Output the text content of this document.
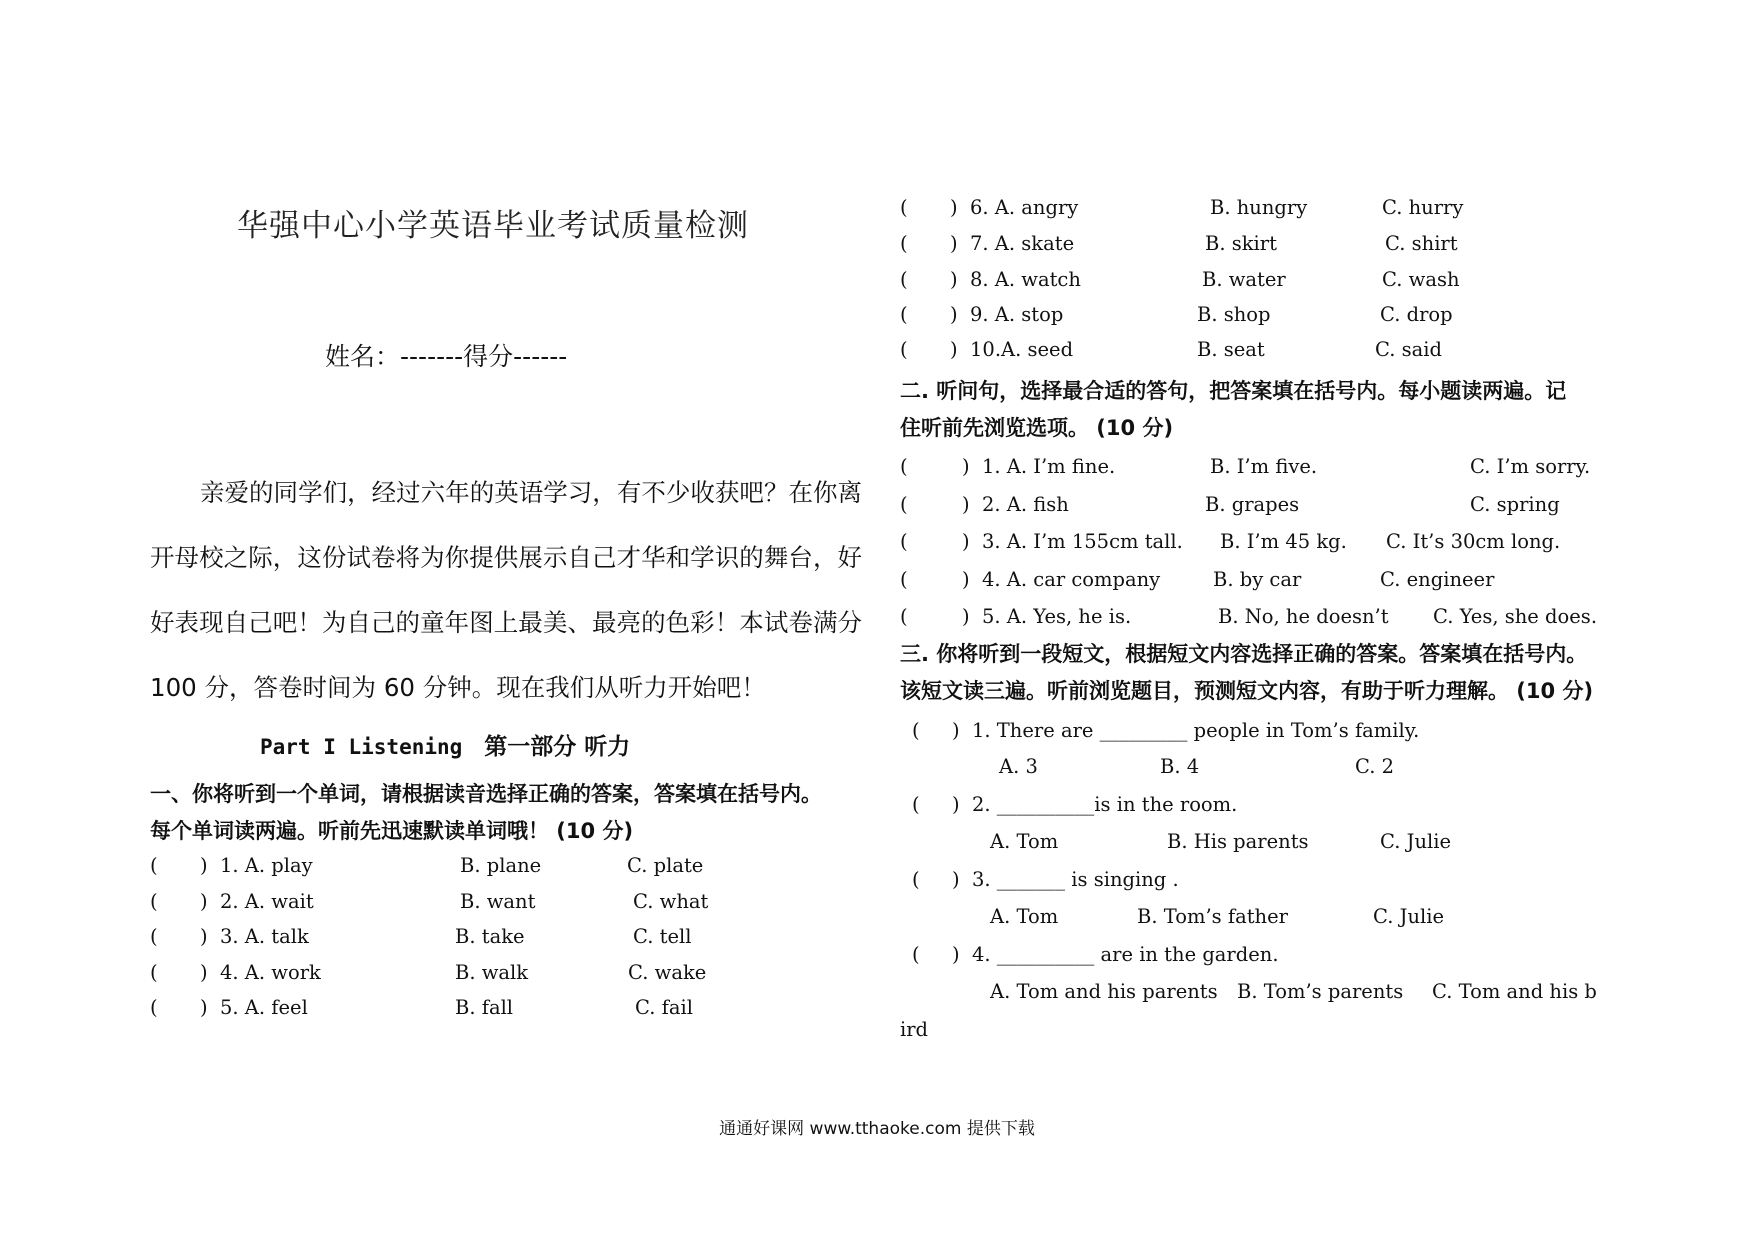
华强中心小学英语毕业考试质量检测
姓名：-------得分------

亲爱的同学们，经过六年的英语学习，有不少收获吧？在你离开母校之际，这份试卷将为你提供展示自己才华和学识的舞台，好好表现自己吧！为自己的童年图上最美、最亮的色彩！本试卷满分 100 分，答卷时间为 60 分钟。现在我们从听力开始吧！

Part I Listening 第一部分 听力

一、你将听到一个单词，请根据读音选择正确的答案，答案填在括号内。

每个单词读两遍。听前先迅速默读单词哦！ (10 分)

( ) 1. A. play	B. plane	C. plate
( ) 2. A. wait	B. want	C. what
( ) 3. A. talk	B. take	C. tell
( ) 4. A. work	B. walk	C. wake
( ) 5. A. feel	B. fall	C. fail
( ) 6. A. angry	B. hungry	C. hurry
( ) 7. A. skate	B. skirt	C. shirt
( ) 8. A. watch	B. water	C. wash
( ) 9. A. stop	B. shop	C. drop
( ) 10.A. seed	B. seat	C. said

二. 听问句，选择最合适的答句，把答案填在括号内。每小题读两遍。记

住听前先浏览选项。 (10 分)

(	) 1. A. I’m fine.	B. I’m five.	C. I’m sorry.
(	) 2. A. fish	B. grapes	C. spring
(	) 3. A. I’m 155cm tall. B. I’m 45 kg. C. It’s 30cm long.
(	) 4. A. car company	B. by car	C. engineer
(	) 5. A. Yes, he is.	B. No, he doesn’t C. Yes, she does.

三. 你将听到一段短文，根据短文内容选择正确的答案。答案填在括号内。

该短文读三遍。听前浏览题目，预测短文内容，有助于听力理解。 (10 分)

( ) 1. There are _________ people in Tom’s family.
A. 3	B. 4	C. 2
( ) 2. __________is in the room.
A. Tom	B. His parents	C. Julie
( ) 3. _______ is singing .
A. Tom	B. Tom’s father	C. Julie
( ) 4. __________ are in the garden.
A. Tom and his parents B. Tom’s parents C. Tom and his b
ird
通通好课网 www.tthaoke.com 提供下载
